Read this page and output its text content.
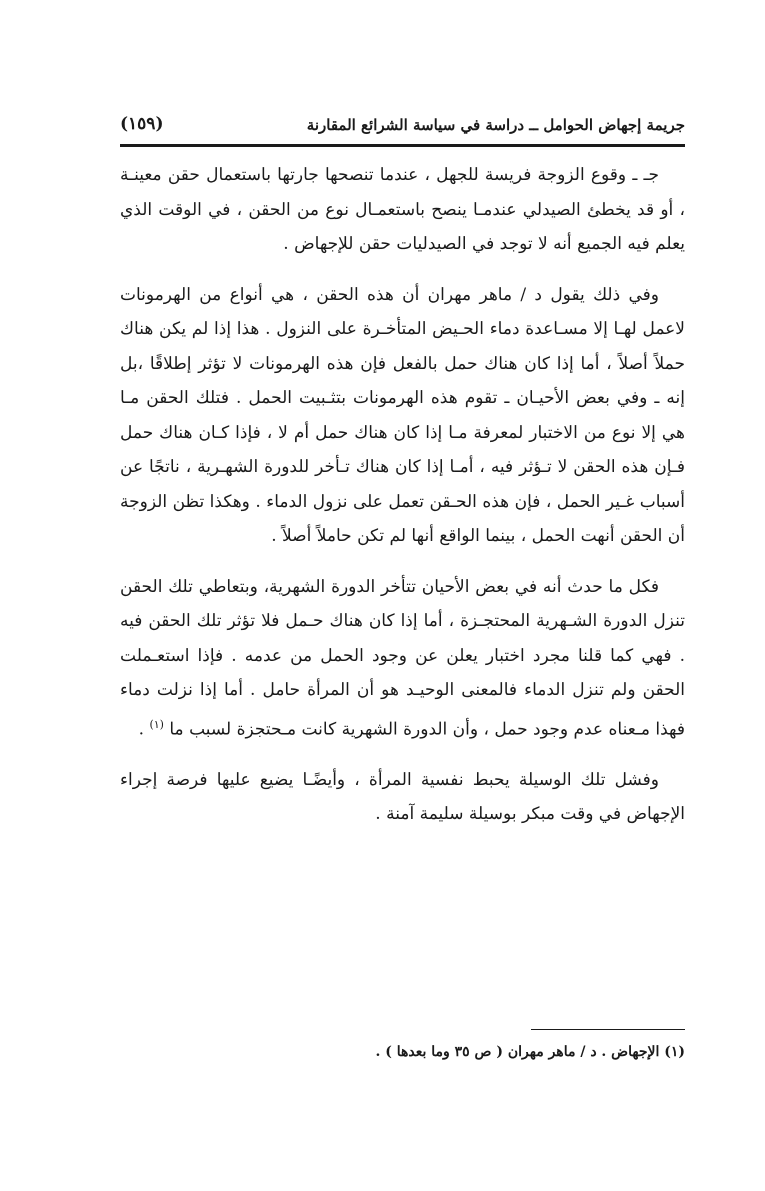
جريمة إجهاض الحوامل ــ دراسة في سياسة الشرائع المقارنة
(١٥٩)

جـ ـ وقوع الزوجة فريسة للجهل ، عندما تنصحها جارتها باستعمال حقن معينـة ، أو قد يخطئ الصيدلي عندمـا ينصح باستعمـال نوع من الحقن ، في الوقت الذي يعلم فيه الجميع أنه لا توجد في الصيدليات حقن للإجهاض .

وفي ذلك يقول د / ماهر مهران أن هذه الحقن ، هي أنواع من الهرمونات لاعمل لهـا إلا مسـاعدة دماء الحـيض المتأخـرة على النزول . هذا إذا لم يكن هناك حملاً أصلاً ، أما إذا كان هناك حمل بالفعل فإن هذه الهرمونات لا تؤثر إطلاقًا ،بل إنه ـ وفي بعض الأحيـان ـ تقوم هذه الهرمونات بتثـبيت الحمل . فتلك الحقن مـا هي إلا نوع من الاختبار لمعرفة مـا إذا كان هناك حمل أم لا ، فإذا كـان هناك حمل فـإن هذه الحقن لا تـؤثر فيه ، أمـا إذا كان هناك تـأخر للدورة الشهـرية ، ناتجًا عن أسباب غـير الحمل ، فإن هذه الحـقن تعمل على نزول الدماء . وهكذا تظن الزوجة أن الحقن أنهت الحمل ، بينما الواقع أنها لم تكن حاملاً أصلاً .

فكل ما حدث أنه في بعض الأحيان تتأخر الدورة الشهرية، وبتعاطي تلك الحقن تنزل الدورة الشـهرية المحتجـزة ، أما إذا كان هناك حـمل فلا تؤثر تلك الحقن فيه . فهي كما قلنا مجرد اختبار يعلن عن وجود الحمل من عدمه . فإذا استعـملت الحقن ولم تنزل الدماء فالمعنى الوحيـد هو أن المرأة حامل . أما إذا نزلت دماء فهذا مـعناه عدم وجود حمل ، وأن الدورة الشهرية كانت مـحتجزة لسبب ما $^{(١)}$ .

وفشل تلك الوسيلة يحبط نفسية المرأة ، وأيضًـا يضيع عليها فرصة إجراء الإجهاض في وقت مبكر بوسيلة سليمة آمنة .

(١) الإجهاض . د / ماهر مهران ( ص ٣٥ وما بعدها ) .
